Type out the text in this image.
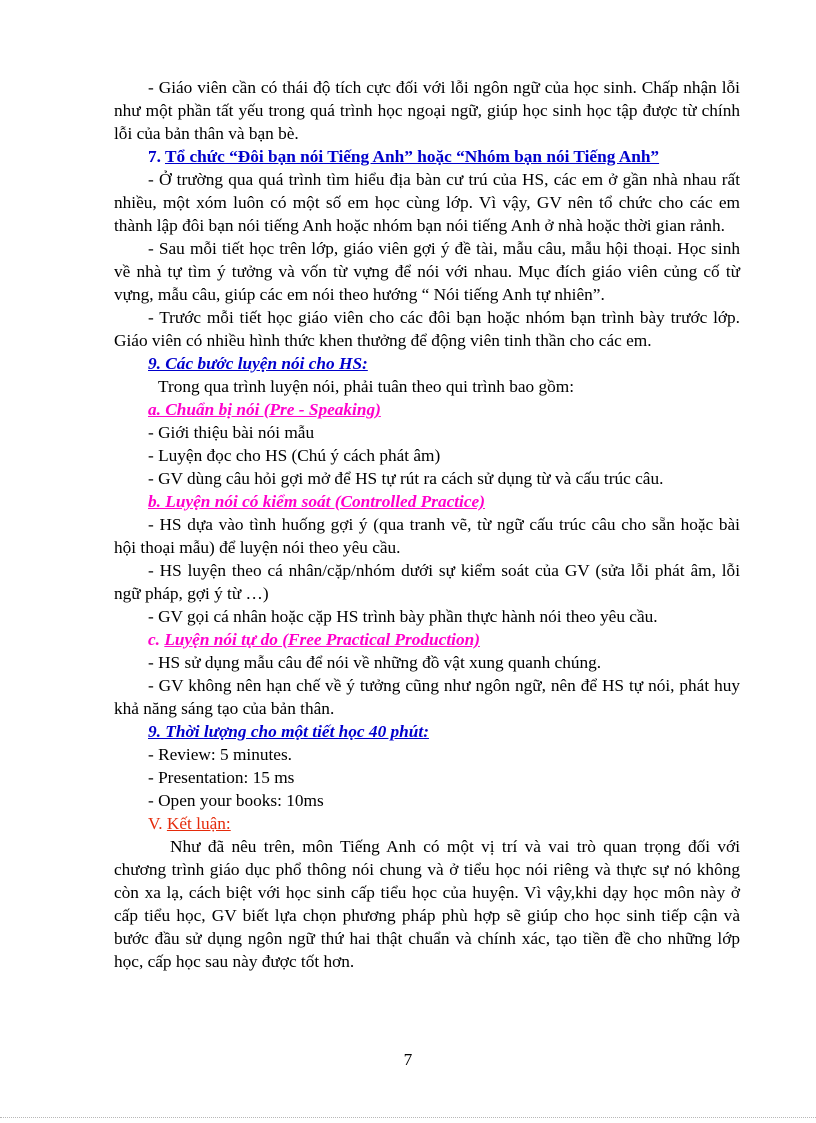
- Giáo viên cần có thái độ tích cực đối với lỗi ngôn ngữ của học sinh. Chấp nhận lỗi như một phần tất yếu trong quá trình học ngoại ngữ, giúp học sinh học tập được từ chính lỗi của bản thân và bạn bè.

7. Tổ chức “Đôi bạn nói Tiếng Anh” hoặc “Nhóm bạn nói Tiếng Anh”

- Ở trường qua quá trình tìm hiểu địa bàn cư trú của HS, các em ở gần nhà nhau rất nhiều, một xóm luôn có một số em học cùng lớp. Vì vậy, GV nên tổ chức cho các em thành lập đôi bạn nói tiếng Anh hoặc nhóm bạn nói tiếng Anh ở nhà hoặc thời gian rảnh.

- Sau mỗi tiết học trên lớp, giáo viên gợi ý đề tài, mẫu câu, mẫu hội thoại. Học sinh về nhà tự tìm ý tưởng và vốn từ vựng để nói với nhau. Mục đích giáo viên củng cố từ vựng, mẫu câu, giúp các em nói theo hướng “ Nói tiếng Anh tự nhiên”.

- Trước mỗi tiết học giáo viên cho các đôi bạn hoặc nhóm bạn trình bày trước lớp. Giáo viên có nhiều hình thức khen thưởng để động viên tinh thần cho các em.

9. Các bước luyện nói cho HS:

Trong qua trình luyện nói, phải tuân theo qui trình bao gồm:

a. Chuẩn bị nói (Pre - Speaking)

- Giới thiệu bài nói mẫu

- Luyện đọc cho HS (Chú ý cách phát âm)

- GV dùng câu hỏi gợi mở để HS tự rút ra cách sử dụng từ và cấu trúc câu.

b. Luyện nói có kiểm soát (Controlled Practice)

- HS dựa vào tình huống gợi ý (qua tranh vẽ, từ ngữ cấu trúc câu cho sẵn hoặc bài hội thoại mẫu) để luyện nói theo yêu cầu.

- HS luyện theo cá nhân/cặp/nhóm dưới sự kiểm soát của GV (sửa lỗi phát âm, lỗi ngữ pháp, gợi ý từ …)

- GV gọi cá nhân hoặc cặp HS trình bày phần thực hành nói theo yêu cầu.

c. Luyện nói tự do (Free Practical Production)

- HS sử dụng mẫu câu để nói về những đồ vật xung quanh chúng.

- GV không nên hạn chế về ý tưởng cũng như ngôn ngữ, nên để HS tự nói, phát huy khả năng sáng tạo của bản thân.

9. Thời lượng cho một tiết học 40 phút:

- Review: 5 minutes.

- Presentation: 15 ms

- Open your books: 10ms

V. Kết luận:

Như đã nêu trên, môn Tiếng Anh có một vị trí và vai trò quan trọng đối với chương trình giáo dục phổ thông nói chung và ở tiểu học nói riêng và thực sự nó không còn xa lạ, cách biệt với học sinh cấp tiểu học của huyện. Vì vậy,khi dạy học môn này ở cấp tiểu học, GV biết lựa chọn phương pháp phù hợp sẽ giúp cho học sinh tiếp cận và bước đầu sử dụng ngôn ngữ thứ hai thật chuẩn và chính xác, tạo tiền đề cho những lớp học, cấp học sau này được tốt hơn.

7
